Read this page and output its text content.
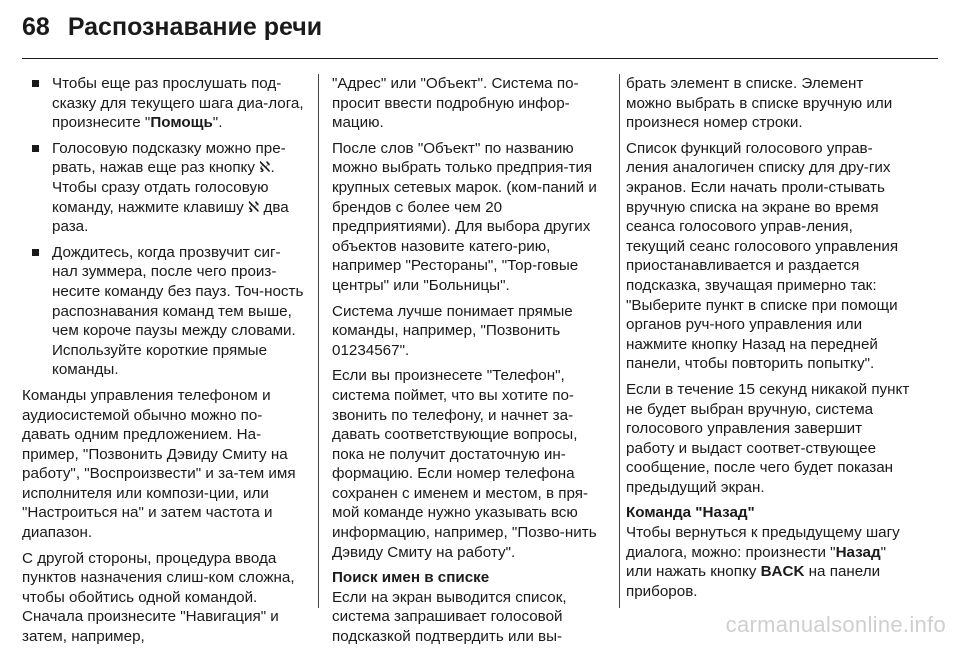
68 Распознавание речи
Чтобы еще раз прослушать под-сказку для текущего шага диа-лога, произнесите "Помощь".
Голосовую подсказку можно пре-рвать, нажав еще раз кнопку ℵ. Чтобы сразу отдать голосовую команду, нажмите клавишу ℵ два раза.
Дождитесь, когда прозвучит сиг-нал зуммера, после чего произ-несите команду без пауз. Точ-ность распознавания команд тем выше, чем короче паузы между словами. Используйте короткие прямые команды.

Команды управления телефоном и аудиосистемой обычно можно по-давать одним предложением. На-пример, "Позвонить Дэвиду Смиту на работу", "Воспроизвести" и за-тем имя исполнителя или компози-ции, или "Настроиться на" и затем частота и диапазон.

С другой стороны, процедура ввода пунктов назначения слиш-ком сложна, чтобы обойтись одной командой. Сначала произнесите "Навигация" и затем, например,

"Адрес" или "Объект". Система по-просит ввести подробную инфор-мацию.

После слов "Объект" по названию можно выбрать только предприя-тия крупных сетевых марок. (ком-паний и брендов с более чем 20 предприятиями). Для выбора других объектов назовите катего-рию, например "Рестораны", "Тор-говые центры" или "Больницы".

Система лучше понимает прямые команды, например, "Позвонить 01234567".

Если вы произнесете "Телефон", система поймет, что вы хотите по-звонить по телефону, и начнет за-давать соответствующие вопросы, пока не получит достаточную ин-формацию. Если номер телефона сохранен с именем и местом, в пря-мой команде нужно указывать всю информацию, например, "Позво-нить Дэвиду Смиту на работу".

Поиск имен в списке

Если на экран выводится список, система запрашивает голосовой подсказкой подтвердить или вы-

брать элемент в списке. Элемент можно выбрать в списке вручную или произнеся номер строки.

Список функций голосового управ-ления аналогичен списку для дру-гих экранов. Если начать проли-стывать вручную списка на экране во время сеанса голосового управ-ления, текущий сеанс голосового управления приостанавливается и раздается подсказка, звучащая примерно так: "Выберите пункт в списке при помощи органов руч-ного управления или нажмите кнопку Назад на передней панели, чтобы повторить попытку".

Если в течение 15 секунд никакой пункт не будет выбран вручную, система голосового управления завершит работу и выдаст соответ-ствующее сообщение, после чего будет показан предыдущий экран.

Команда "Назад"

Чтобы вернуться к предыдущему шагу диалога, можно: произнести "Назад" или нажать кнопку BACK на панели приборов.

carmanualsonline.info
